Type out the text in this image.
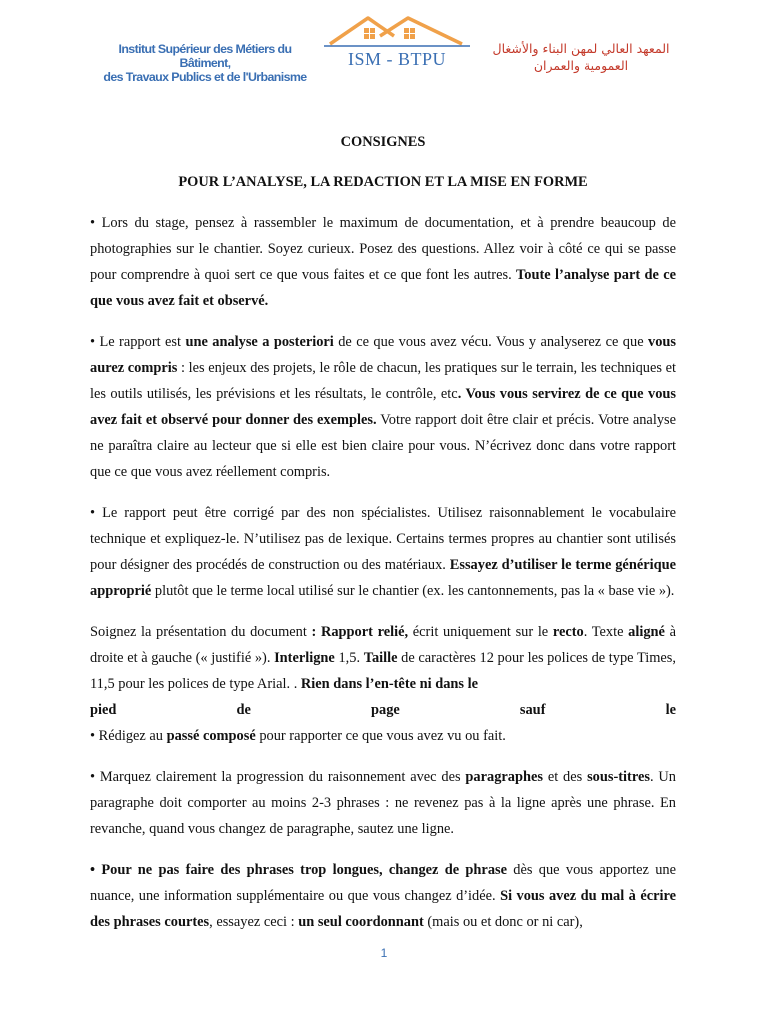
Institut Supérieur des Métiers du Bâtiment,
des Travaux Publics et de l'Urbanisme
ISM - BTPU
المعهد العالي لمهن البناء والأشغال
العمومية والعمران
CONSIGNES
POUR L’ANALYSE, LA REDACTION ET LA MISE EN FORME

• Lors du stage, pensez à rassembler le maximum de documentation, et à prendre beaucoup de photographies sur le chantier. Soyez curieux. Posez des questions. Allez voir à côté ce qui se passe pour comprendre à quoi sert ce que vous faites et ce que font les autres. Toute l’analyse part de ce que vous avez fait et observé.

• Le rapport est une analyse a posteriori de ce que vous avez vécu. Vous y analyserez ce que vous aurez compris : les enjeux des projets, le rôle de chacun, les pratiques sur le terrain, les techniques et les outils utilisés, les prévisions et les résultats, le contrôle, etc. Vous vous servirez de ce que vous avez fait et observé pour donner des exemples. Votre rapport doit être clair et précis. Votre analyse ne paraîtra claire au lecteur que si elle est bien claire pour vous. N’écrivez donc dans votre rapport que ce que vous avez réellement compris.

• Le rapport peut être corrigé par des non spécialistes. Utilisez raisonnablement le vocabulaire technique et expliquez-le. N’utilisez pas de lexique. Certains termes propres au chantier sont utilisés pour désigner des procédés de construction ou des matériaux. Essayez d’utiliser le terme générique approprié plutôt que le terme local utilisé sur le chantier (ex. les cantonnements, pas la « base vie »).

Soignez la présentation du document : Rapport relié, écrit uniquement sur le recto. Texte aligné à droite et à gauche (« justifié »). Interligne 1,5. Taille de caractères 12 pour les polices de type Times, 11,5 pour les polices de type Arial. . Rien dans l’en-tête ni dans le

pied	de	page	sauf	le

• Rédigez au passé composé pour rapporter ce que vous avez vu ou fait.

• Marquez clairement la progression du raisonnement avec des paragraphes et des sous-titres. Un paragraphe doit comporter au moins 2-3 phrases : ne revenez pas à la ligne après une phrase. En revanche, quand vous changez de paragraphe, sautez une ligne.

• Pour ne pas faire des phrases trop longues, changez de phrase dès que vous apportez une nuance, une information supplémentaire ou que vous changez d’idée. Si vous avez du mal à écrire des phrases courtes, essayez ceci : un seul coordonnant (mais ou et donc or ni car),

1
